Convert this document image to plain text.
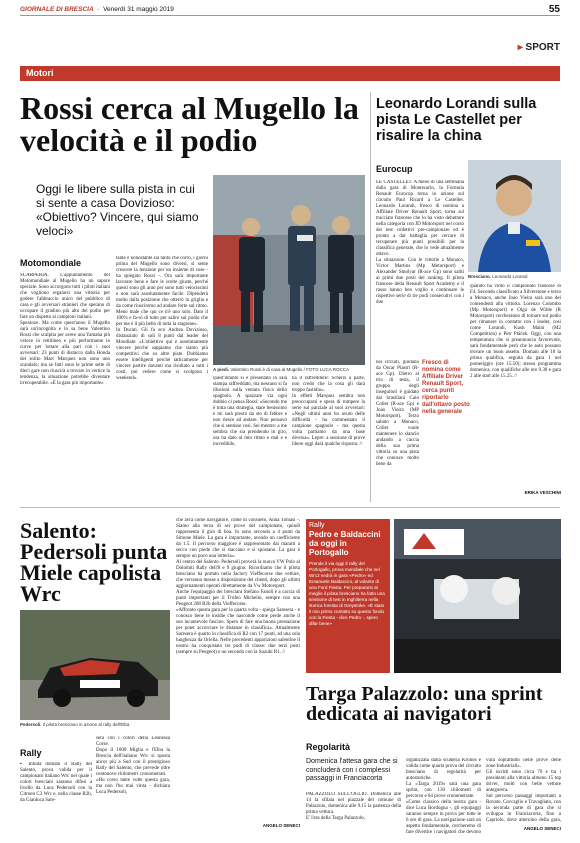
GIORNALE DI BRESCIA  ·  Venerdì 31 maggio 2019	55
▸ SPORT
Motori
Rossi cerca al Mugello la velocità e il podio
Oggi le libere sulla pista in cui si sente a casa Dovizioso: «Obiettivo? Vincere, qui siamo veloci»
A piedi. Valentino Rossi è di casa al Mugello / FOTO LUCA ROCCA
Motomondiale
SCARPERIA. L'appuntamento del Motomondiale al Mugello ha un sapore speciale. Sono accorgono tutti i piloti italiani che vogliono regalarsi una vittoria per godere l'abbraccio unico del pubblico di casa e gli avversari stranieri che sperano di occupare il gradino più alto del podio per fare un dispetto ai campioni italiani.
Speranze. Ma come quest'anno il Mugello sarà un'incognita e lo sa bene Valentino Rossi che scalpita per avere una Yamaha più veloce in rettilineo e più performante in curve per lottare alla pari con i suoi avversari: 23 punti di distacco dalla Honda del solito Marc Marquez non sono uno scandalo; ma se fatti sono le prime sette di dieci gare non riuscirà a trovare in vertice la tendenza, la situazione potrebbe diventare irrecuperabile. «È la gara più importante»
tante e nonostante sia tanto che corro, i giorni prima del Mugello sono diversi, si sente crescere la tensione per un insieme di cose - ha spiegato Rossi -. Ora sarà importante lavorare bene e fare le scelte giuste, perché questi sono gli anni per sono tutti velocissimi e non sarà assolutamente facile. Dipenderà molto dalla posizione che otterrò in griglia e da come riusciremo ad andare forte sul ritmo. Meno male che qui ce n'è uno solo. Dato il 100% e fa-rò di tutto per salire sul podio che per me è il più bello di tutta la stagione».
In Ducati. Gli fa eco Andrea Dovizioso, distanziato di soli 8 punti dal leader del Mondiale: «L'obiettivo qui è assolutamente vincere perché sappiamo che siamo più competitivi che su altre piste. Dobbiamo essere intelligenti perché tatticamente per vincere partire davanti ma risultato a tutti i costi, poi vedere come si svolgono i weekend».	quest'intanto si è presentato in sala stampa raffreddato, ma nessuno si fa illusioni sulla ventata fisica dello spagnolo. A spazzare via ogni dubbio ci pensa Rossi: «Secondo me è tutta una strategia, stare benissimo e mi sarà presto da sto di febbre e non riesce ad andare. Non pensavo che si sentisse così. Sei mentre: a me sembra che sia prendendo in giro, ora ha dato al mio ritmo e mal e e incredibile,
ha il raffreddore! Scherzi a parte, non credo che la cosa gli darà troppo fastidio».
In effetti Marquez sembra non preoccuparsi e spera di rompere la serie sul parziale al suoi avversari: «Negli ultimi anni ho avuto delle difficoltà - ha commentato il campione spagnolo - ma questa volta partiamo da una base diversa». Lepre: a sessione di prove libere oggi darà qualche risposta. //
Leonardo Lorandi sulla pista Le Castellet per risalire la china
Eurocup
LE CASTELLET. A meno di una settimana dalla gara di Montecarlo, la Formula Renault Eurocup torna in azione sul circuito Paul Ricard a Le Castellet. Leonardo Lorandi, fresco di nomina a Affiliate Driver Renault Sport, torna sul tracciato francese che lo ha visto debuttare nella categoria con JD Motorsport nel corso dei test collettivi pre-campionato ed è pronto a dar battaglia per cercare di recuperare più punti possibili per la classifica generale, che lo vede attualmente ottavo.
La situazione. Con le vittorie a Monaco, Victor Martins (Mp Motorsport) e Alexander Smolyar (R-ace Gp) sono saliti ai primi due posti del ranking. Il pilota francese della Renault Sport Academy e il russo hanno ben voglio o continuare le rispettive serie di tre podi consecutivi con i due
nei circuiti, guidano da Oscar Piastri (R-ace Gp). Dietro al trio di testa, il gruppo degli inseguitori è guidato dai brasiliani Caio Collet (R-ace Gp) e Joao Vieira (MP Motorsport). Terzo sabato a Monaco, Collet vuole mantenere lo slancio andando a caccia della sua prima vittoria su una pista che conosce molto bene da
Fresco di nomina come Affiliate Driver Renault Sport, cerca punti riportarlo dall'ottavo posto nella generale
Bresciano. Leonardo Lorandi
quando ha vinto il campionato francese di F4. Secondo classificato a Silverstone e terzo a Monaco, anche Joao Vieira sarà uno dei contendenti alla vittoria. Lorenzo Colombo (Mp Motorsport) e Olga de Wilde (R Motorsport) cercheranno di tornare sul podio per rimanere in contatto con i leader, così come Lorandi, Kush Maini (M2 Competition) e Petr Ptáček. Oggi, con una temperatura che si preannuncia favorevole, sarà fondamentale però che le auto possano trovare un buon assetto. Domani alle 10 la prima qualifica, seguita da gara 1 nel pomeriggio (ore 15.50); stesso programma domenica, con qualifiche alle ore 9.30 e gara 2 alle start alle 15.25. //
ERIKA VESCHINI
Salento: Pedersoli punta Miele capolista Wrc
Pedersoli. Il pilota bresciano in azione al rally dell'Elba
Rally
▪ Intinta domani il Rally del Salento, prova valida per il campionato italiano Wrc nel quale i colori bresciani saranno difesi a livello da Luca Pedersoli con la Citroen C3 Wrc e, nella classe R2b, da Gianluca Sare-
sera con i colori della Leonessa Corse.
Dopo il 1000 Miglia e l'Elba la Brescia dell'italiano Wrc si sposta ancor più a Sud con il prestigioso Rally del Salento, che prevede oltre centonove chilometri cronometrati.
«Ho corso tante volte questa gara, ma non l'ho mai vinta - dichiara Luca Pedersoli,
che avrà come navigatore, come di consueto, Anna Tomasi -. Siamo alla terza di sei prove del campionato, quindi rappresenta il giro di boa. Io sono secondo a 4 punti da Simone Miele. La gara è importante, avendo un coefficiente da 1.5. Il percorso maggiore è rappresentato dai maratti a secco con piede che si staccano e si spostano. La gara è sempre un poco una lotteria».
Al centro del Salento. Pedersoli proverà la nuova VW Polo al Dolomiti Rally dell'8 e 9 giugno. Ricordiamo che il pilota bresciano ha portato nella factory Vieffecorse due vetture, che verranno messe a disposizione dei clienti, dopo gli ultimi aggiornamenti operati direttamente da Vw Motorsport.
Anche l'equipaggio dei bresciani Stefano Fanoli è a caccia di punti importanti per il Trofeo Michelin, sempre con una Peugeot 208 R2b della Vieffecorse.
«Affronto questa gara per la quarta volta - spiega Saresera - e conosco bene le insidie che nasconde come perde anche il suo incantevole fascino. Spero di fare una buona prestazione per poter accorciare le distanze in classifica». Attualmente Saresera è quarto in classifica di R2 con 17 punti, ad una sola lunghezza da Oriella. Nelle precedenti apparizioni salentine il nostro ha conquistato tre podi di classe: due terzi posti (sempre su Peugeot) e un secondo con la Suzuki R1. //
ANGELO SENECI
Rally
Pedro e Baldaccini da oggi in Portogallo
Prende il via oggi il rally del Portogallo, prova mondiale che nel Wrc2 vedrà in gara «Pedro» ed Emanuele Baldaccini, al volante di una Ford Fiesta. Per prepararsi al meglio il pilota bresciano ha fatto una sessione di test in Inghilterra nella storica foresta di Greystoke. «È stato il mio primo contatto su questo fondo con la Fiesta - dice Pedro -, spero difar bene»
Targa Palazzolo: una sprint dedicata ai navigatori
Regolarità
Domenica l'attesa gara che si concluderà con i complessi passaggi in Franciacorta
PALAZZOLO SULL'OGLIO. Domenica alle 14 la sfilata nel piazzale del comune di Palazzolo, domenica alle 9.15 la partenza della prima vettura.
E' l'era della Targa Palazzolo,
organizzata dalla scuderia Kronos e valida come quarta prova del circuito bresciano di regolarità per autostoriche.
La «Targa 2019» sarà una gara sprint, con 130 chilometri di percorso e 64 prove cronometrate.
«Come classico della nostra gara - dice Luca Bordogna -, gli equipaggi saranno sempre in prova per tutte le 6 ore di gara. La navigazione sarà un aspetto fondamentale, cercheremo di fare divertire i navigatori che devono
vura soprattutto nelle prove delle zone Industriali».
Gli iscritti sono circa 70 e tra i presidenti alla vittoria almeno 15 top driver, molti con belle vetture anteguerra.
Sul percorso passaggi importanti a Rovato, Coccaglio e Travagliato, con la seconda parte di gara che si sviluppa in Franciacorta, fino a Capriolo, dove alternino della gara,

ANGELO SENECI
